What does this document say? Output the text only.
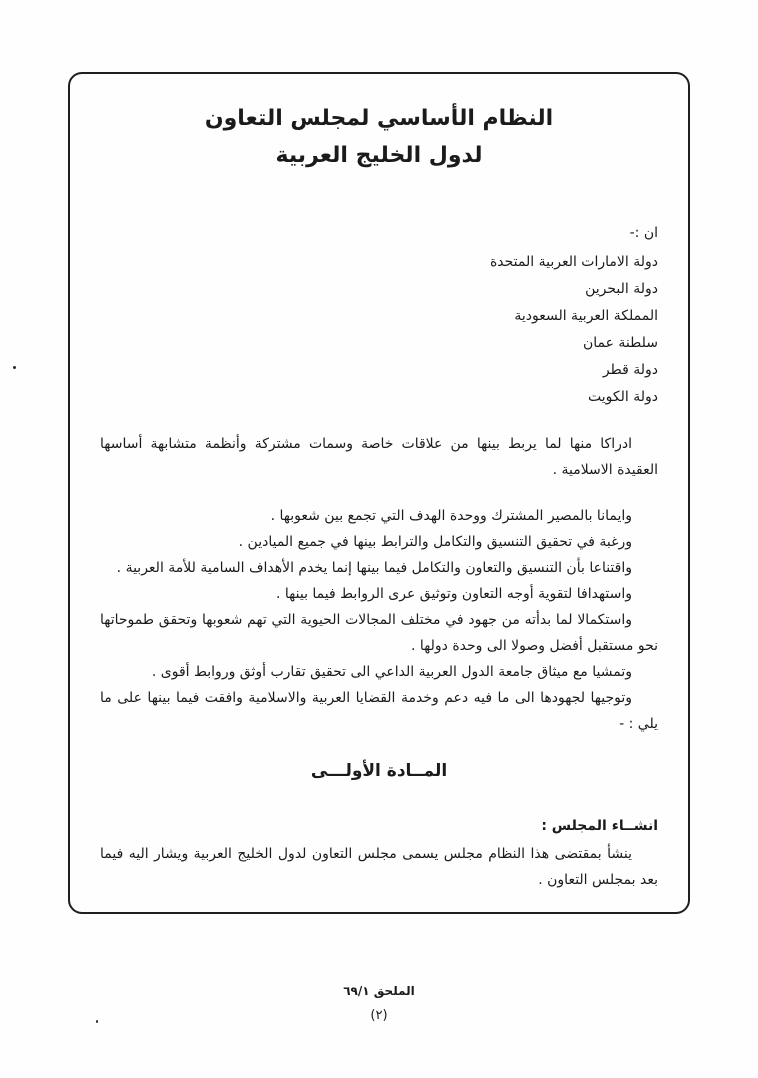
النظام الأساسي لمجلس التعاون
لدول الخليج العربية

ان :-

دولة الامارات العربية المتحدة
دولة البحرين
المملكة العربية السعودية
سلطنة عمان
دولة قطر
دولة الكويت

ادراكا منها لما يربط بينها من علاقات خاصة وسمات مشتركة وأنظمة متشابهة أساسها العقيدة الاسلامية .

وايمانا بالمصير المشترك ووحدة الهدف التي تجمع بين شعوبها .

ورغبة في تحقيق التنسيق والتكامل والترابط بينها في جميع الميادين .

واقتناعا بأن التنسيق والتعاون والتكامل فيما بينها إنما يخدم الأهداف السامية للأمة العربية .

واستهدافا لتقوية أوجه التعاون وتوثيق عرى الروابط فيما بينها .

واستكمالا لما بدأته من جهود في مختلف المجالات الحيوية التي تهم شعوبها وتحقق طموحاتها نحو مستقبل أفضل وصولا الى وحدة دولها .

وتمشيا مع ميثاق جامعة الدول العربية الداعي الى تحقيق تقارب أوثق وروابط أقوى .

وتوجيها لجهودها الى ما فيه دعم وخدمة القضايا العربية والاسلامية وافقت فيما بينها على ما يلي : -

المــادة الأولـــى

انشــاء المجلس :

ينشأ بمقتضى هذا النظام مجلس يسمى مجلس التعاون لدول الخليج العربية ويشار اليه فيما بعد بمجلس التعاون .

الملحق ٦٩/١
(٢)
